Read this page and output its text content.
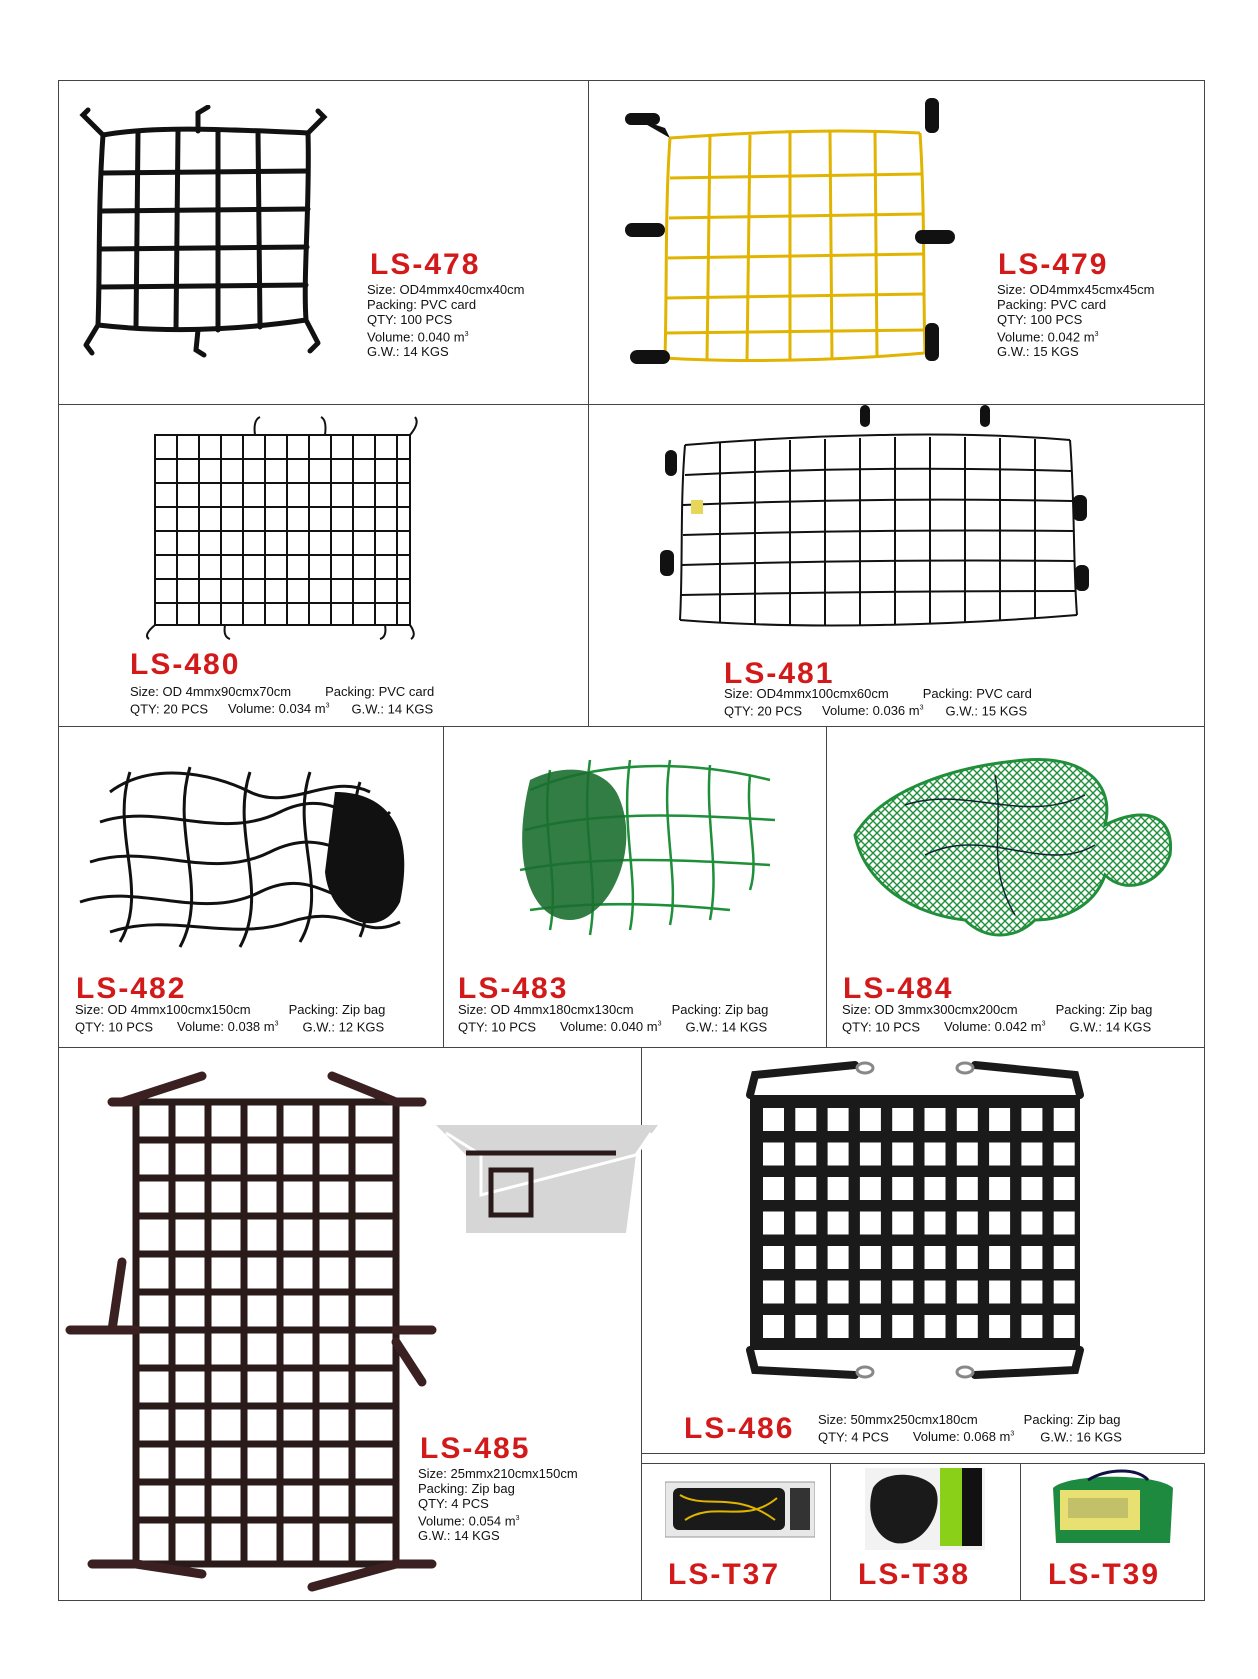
LS-478
Size: OD4mmx40cmx40cm
Packing: PVC card
QTY: 100 PCS
Volume: 0.040 $m^3$
G.W.: 14 KGS
LS-479
Size: OD4mmx45cmx45cm
Packing: PVC card
QTY: 100 PCS
Volume: 0.042 $m^3$
G.W.: 15 KGS
LS-480
Size: OD 4mmx90cmx70cm	Packing: PVC card
QTY: 20 PCS Volume: 0.034 $m^3$ G.W.: 14 KGS
LS-481
Size: OD4mmx100cmx60cm	Packing: PVC card
QTY: 20 PCS Volume: 0.036 $m^3$ G.W.: 15 KGS
LS-482
Size: OD 4mmx100cmx150cm	Packing: Zip bag
QTY: 10 PCS Volume: 0.038 $m^3$ G.W.: 12 KGS
LS-483
Size: OD 4mmx180cmx130cm	Packing: Zip bag
QTY: 10 PCS Volume: 0.040 $m^3$ G.W.: 14 KGS
LS-484
Size: OD 3mmx300cmx200cm	Packing: Zip bag
QTY: 10 PCS Volume: 0.042 $m^3$ G.W.: 14 KGS
LS-485
Size: 25mmx210cmx150cm
Packing: Zip bag
QTY: 4 PCS
Volume: 0.054 $m^3$
G.W.: 14 KGS
LS-486 Size: 50mmx250cmx180cm	Packing: Zip bag
QTY: 4 PCS Volume: 0.068 $m^3$ G.W.: 16 KGS
LS-T37	LS-T38	LS-T39
